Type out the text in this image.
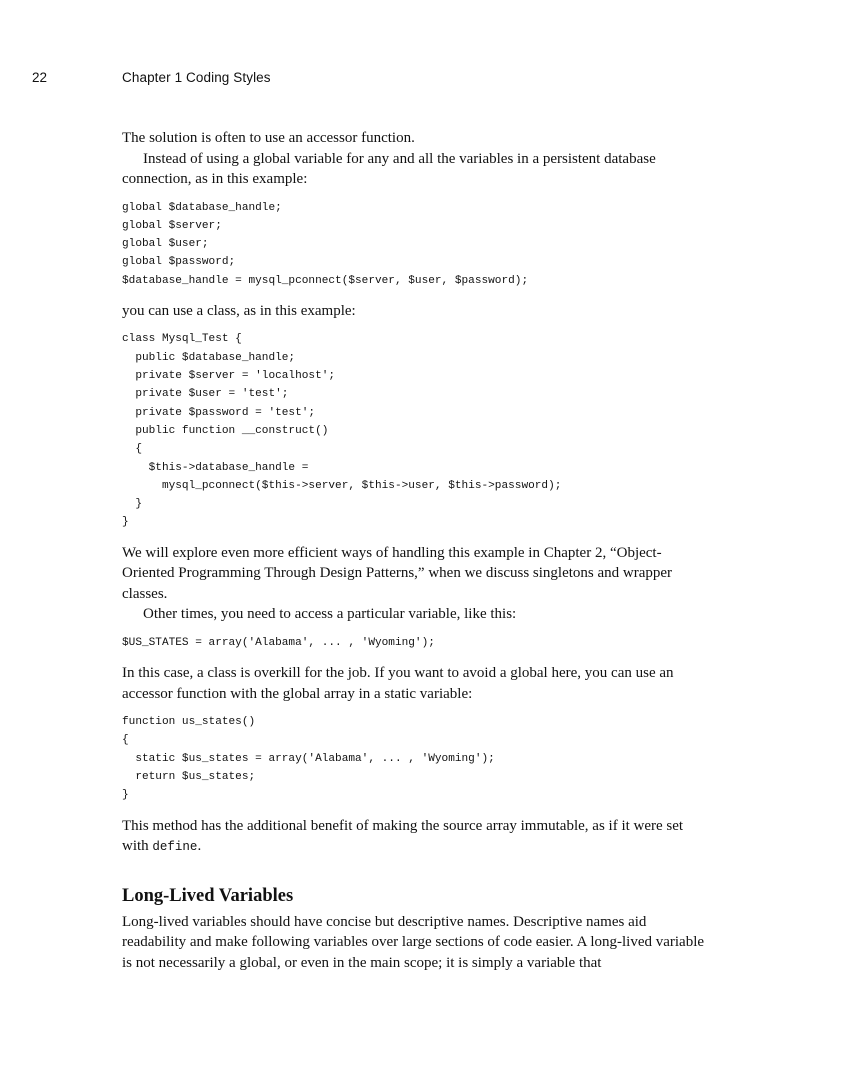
22	Chapter 1 Coding Styles

The solution is often to use an accessor function.

Instead of using a global variable for any and all the variables in a persistent database connection, as in this example:

global $database_handle;
global $server;
global $user;
global $password;
$database_handle = mysql_pconnect($server, $user, $password);

you can use a class, as in this example:

class Mysql_Test {
public $database_handle;
private $server = 'localhost';
private $user = 'test';
private $password = 'test';
public function __construct()
{
$this->database_handle =
mysql_pconnect($this->server, $this->user, $this->password);
}
}

We will explore even more efficient ways of handling this example in Chapter 2, “Object-Oriented Programming Through Design Patterns,” when we discuss singletons and wrapper classes.

Other times, you need to access a particular variable, like this:

$US_STATES = array('Alabama', ... , 'Wyoming');

In this case, a class is overkill for the job. If you want to avoid a global here, you can use an accessor function with the global array in a static variable:

function us_states()
{
static $us_states = array('Alabama', ... , 'Wyoming');
return $us_states;
}

This method has the additional benefit of making the source array immutable, as if it were set with define.

Long-Lived Variables

Long-lived variables should have concise but descriptive names. Descriptive names aid readability and make following variables over large sections of code easier. A long-lived variable is not necessarily a global, or even in the main scope; it is simply a variable that
